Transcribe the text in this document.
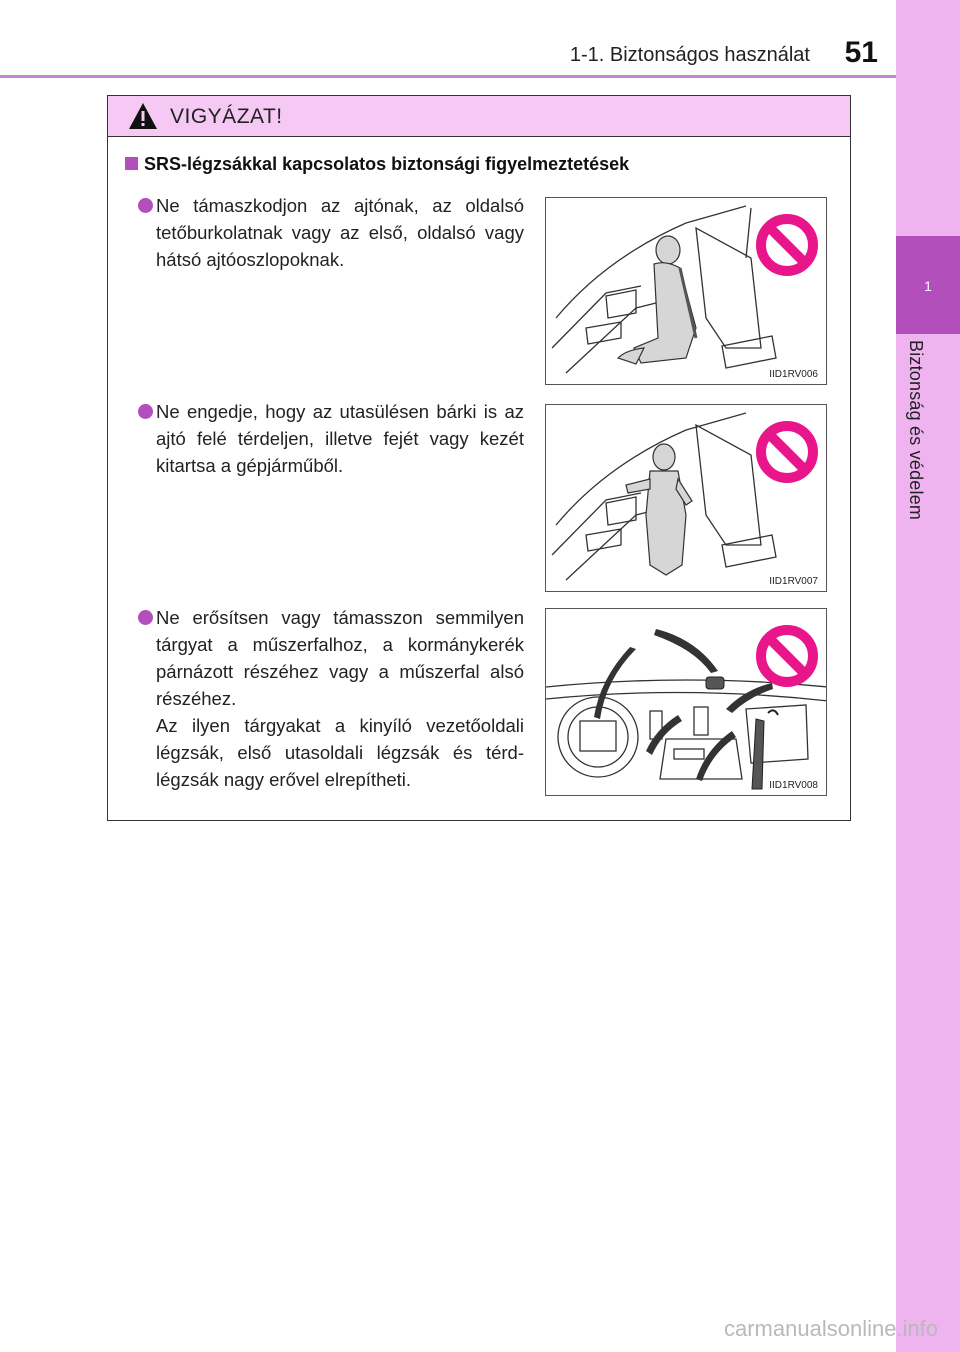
1-1. Biztonságos használat 51
1
Biztonság és védelem
VIGYÁZAT!
SRS-légzsákkal kapcsolatos biztonsági figyelmeztetések

Ne támaszkodjon az ajtónak, az oldalsó tetőburkolatnak vagy az első, oldalsó vagy hátsó ajtóoszlopoknak.

IID1RV006

Ne engedje, hogy az utasülésen bárki is az ajtó felé térdeljen, illetve fejét vagy kezét kitartsa a gépjárműből.

IID1RV007

Ne erősítsen vagy támasszon semmilyen tárgyat a műszerfalhoz, a kormánykerék párnázott részéhez vagy a műszerfal alsó részéhez.

Az ilyen tárgyakat a kinyíló vezetőoldali légzsák, első utasoldali légzsák és térd-légzsák nagy erővel elrepítheti.	IID1RV008
carmanualsonline.info
